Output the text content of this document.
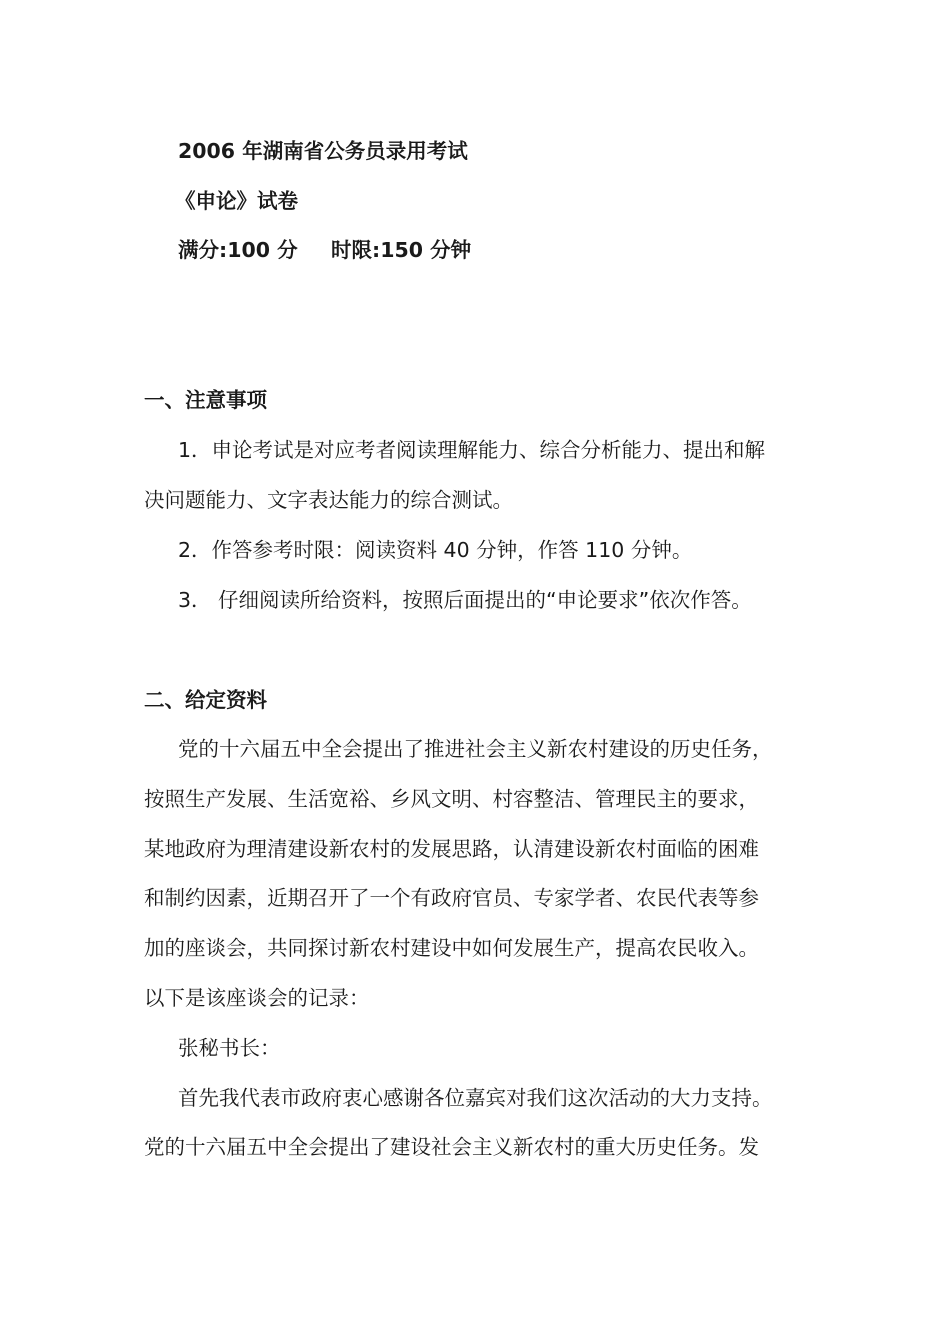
2006 年湖南省公务员录用考试
《申论》试卷
满分:100 分 时限:150 分钟
一、注意事项
1．申论考试是对应考者阅读理解能力、综合分析能力、提出和解
决问题能力、文字表达能力的综合测试。
2．作答参考时限：阅读资料 40 分钟，作答 110 分钟。
3． 仔细阅读所给资料，按照后面提出的“申论要求”依次作答。
二、给定资料
党的十六届五中全会提出了推进社会主义新农村建设的历史任务，
按照生产发展、生活宽裕、乡风文明、村容整洁、管理民主的要求，
某地政府为理清建设新农村的发展思路，认清建设新农村面临的困难
和制约因素，近期召开了一个有政府官员、专家学者、农民代表等参
加的座谈会，共同探讨新农村建设中如何发展生产，提高农民收入。
以下是该座谈会的记录：
张秘书长：
首先我代表市政府衷心感谢各位嘉宾对我们这次活动的大力支持。
党的十六届五中全会提出了建设社会主义新农村的重大历史任务。发
